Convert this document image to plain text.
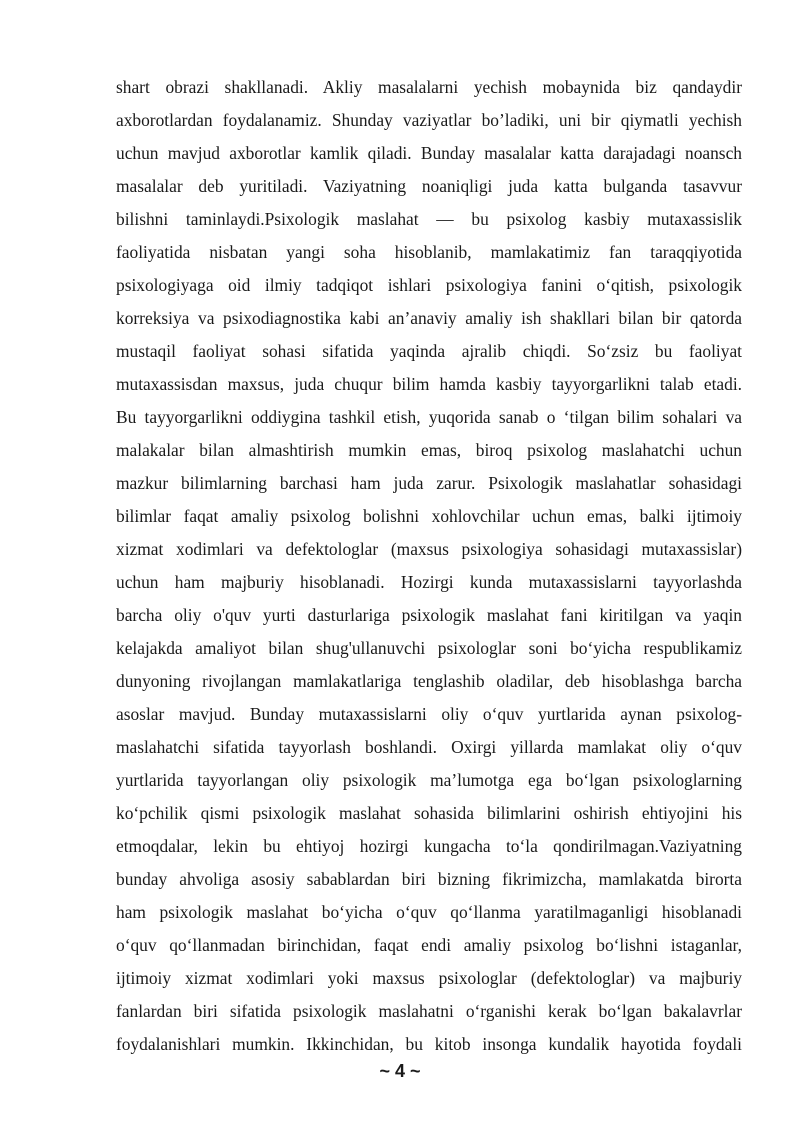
shart obrazi shakllanadi. Akliy masalalarni yechish mobaynida biz qandaydir
axborotlardan foydalanamiz. Shunday vaziyatlar bo’ladiki, uni bir qiymatli yechish
uchun mavjud axborotlar kamlik qiladi. Bunday masalalar katta darajadagi noansch
masalalar deb yuritiladi. Vaziyatning noaniqligi juda katta bulganda tasavvur
bilishni taminlaydi.Psixologik maslahat — bu psixolog kasbiy mutaxassislik
faoliyatida nisbatan yangi soha hisoblanib, mamlakatimiz fan taraqqiyotida
psixologiyaga oid ilmiy tadqiqot ishlari psixologiya fanini o‘qitish, psixologik
korreksiya va psixodiagnostika kabi an’anaviy amaliy ish shakllari bilan bir qatorda
mustaqil faoliyat sohasi sifatida yaqinda ajralib chiqdi. So‘zsiz bu faoliyat
mutaxassisdan maxsus, juda chuqur bilim hamda kasbiy tayyorgarlikni talab etadi.
Bu tayyorgarlikni oddiygina tashkil etish, yuqorida sanab o ‘tilgan bilim sohalari va
malakalar bilan almashtirish mumkin emas, biroq psixolog maslahatchi uchun
mazkur bilimlarning barchasi ham juda zarur. Psixologik maslahatlar sohasidagi
bilimlar faqat amaliy psixolog bolishni xohlovchilar uchun emas, balki ijtimoiy
xizmat xodimlari va defektologlar (maxsus psixologiya sohasidagi mutaxassislar)
uchun ham majburiy hisoblanadi. Hozirgi kunda mutaxassislarni tayyorlashda
barcha oliy o'quv yurti dasturlariga psixologik maslahat fani kiritilgan va yaqin
kelajakda amaliyot bilan shug'ullanuvchi psixologlar soni bo‘yicha respublikamiz
dunyoning rivojlangan mamlakatlariga tenglashib oladilar, deb hisoblashga barcha
asoslar mavjud. Bunday mutaxassislarni oliy o‘quv yurtlarida aynan psixolog-
maslahatchi sifatida tayyorlash boshlandi. Oxirgi yillarda mamlakat oliy o‘quv
yurtlarida tayyorlangan oliy psixologik ma’lumotga ega bo‘lgan psixologlarning
ko‘pchilik qismi psixologik maslahat sohasida bilimlarini oshirish ehtiyojini his
etmoqdalar, lekin bu ehtiyoj hozirgi kungacha to‘la qondirilmagan.Vaziyatning
bunday ahvoliga asosiy sabablardan biri bizning fikrimizcha, mamlakatda birorta
ham psixologik maslahat bo‘yicha o‘quv qo‘llanma yaratilmaganligi hisoblanadi
o‘quv qo‘llanmadan birinchidan, faqat endi amaliy psixolog bo‘lishni istaganlar,
ijtimoiy xizmat xodimlari yoki maxsus psixologlar (defektologlar) va majburiy
fanlardan biri sifatida psixologik maslahatni o‘rganishi kerak bo‘lgan bakalavrlar
foydalanishlari mumkin. Ikkinchidan, bu kitob insonga kundalik hayotida foydali
~ 4 ~
